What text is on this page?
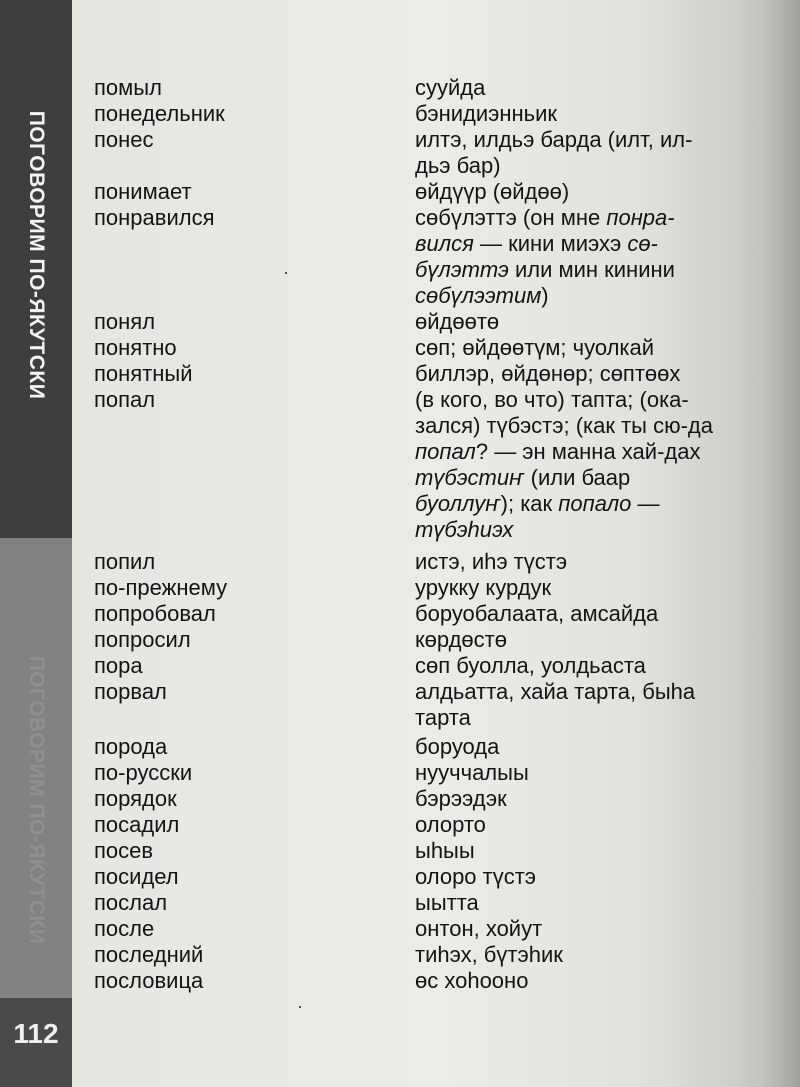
ПОГОВОРИМ ПО-ЯКУТСКИ
ПОГОВОРИМ ПО-ЯКУТСКИ
112
помыл	сууйда
понедельник	бэнидиэнньик
понес	илтэ, илдьэ барда (илт, ил-дьэ бар)
понимает	өйдүүр (өйдөө)
понравился	сөбүлэттэ (он мне понра-вился — кини миэхэ сө-бүлэттэ или мин кинини сөбүлээтим)
понял	өйдөөтө
понятно	сөп; өйдөөтүм; чуолкай
понятный	биллэр, өйдөнөр; сөптөөх
попал	(в кого, во что) таптa; (ока-зался) түбэстэ; (как ты сю-да попал? — эн манна хай-дах түбэстиҥ (или баар буоллуҥ); как попало — түбэһиэх
попил	истэ, иһэ түстэ
по-прежнему	урукку курдук
попробовал	боруобалаата, амсайда
попросил	көрдөстө
пора	сөп буолла, уолдьаста
порвал	алдьатта, хайа тарта, быһа тарта
порода	боруода
по-русски	нууччалыы
порядок	бэрээдэк
посадил	олорто
посев	ыһыы
посидел	олоро түстэ
послал	ыытта
после	онтон, хойут
последний	тиһэх, бүтэһик
пословица	өс хоһооно
·
·
